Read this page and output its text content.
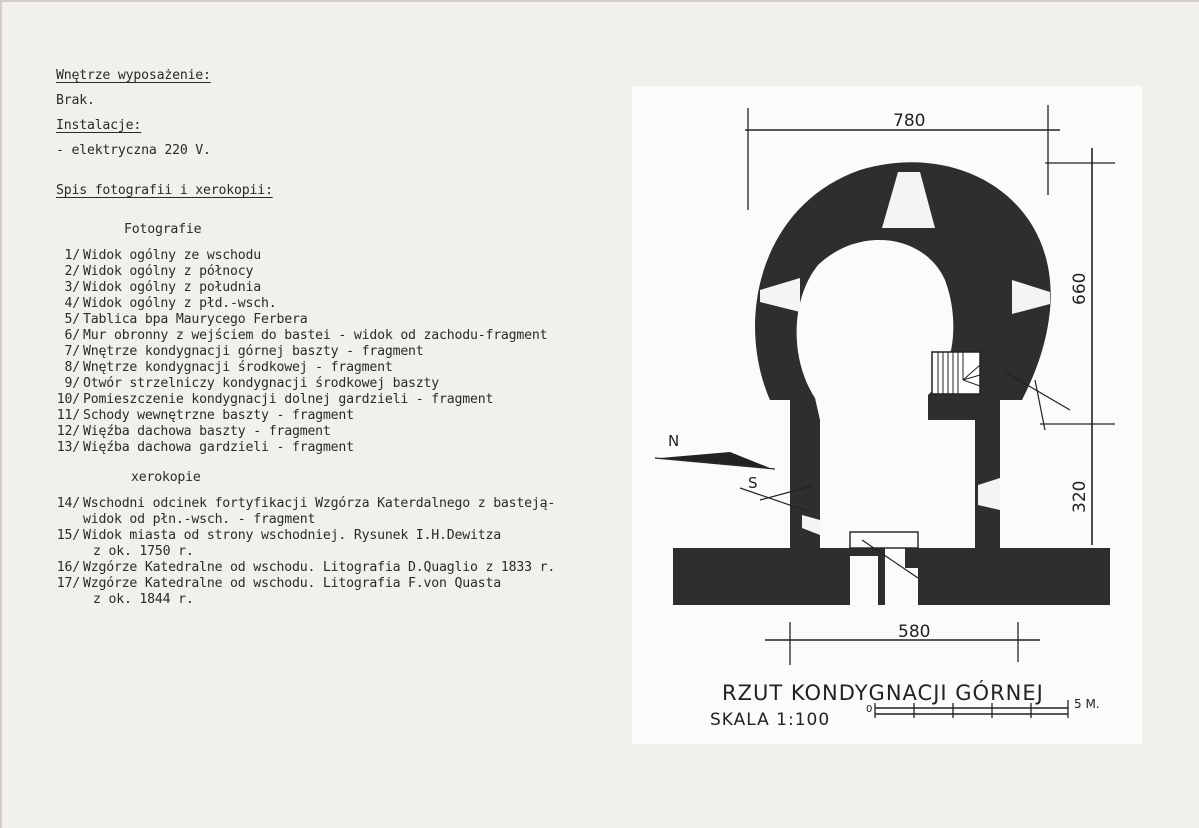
Wnętrze wyposażenie:
Brak.
Instalacje:
- elektryczna 220 V.
Spis fotografii i xerokopii:
Fotografie
1/ Widok ogólny ze wschodu
2/ Widok ogólny z północy
3/ Widok ogólny z południa
4/ Widok ogólny z płd.-wsch.
5/ Tablica bpa Maurycego Ferbera
6/ Mur obronny z wejściem do bastei - widok od zachodu-fragment
7/ Wnętrze kondygnacji górnej baszty - fragment
8/ Wnętrze kondygnacji środkowej - fragment
9/ Otwór strzelniczy kondygnacji środkowej baszty
10/ Pomieszczenie kondygnacji dolnej gardzieli - fragment
11/ Schody wewnętrzne baszty - fragment
12/ Więźba dachowa baszty - fragment
13/ Więźba dachowa gardzieli - fragment
xerokopie
14/ Wschodni odcinek fortyfikacji Wzgórza Katerdalnego z basteją-
widok od płn.-wsch. - fragment
15/ Widok miasta od strony wschodniej. Rysunek I.H.Dewitza
z ok. 1750 r.
16/ Wzgórze Katedralne od wschodu. Litografia D.Quaglio z 1833 r.
17/ Wzgórze Katedralne od wschodu. Litografia F.von Quasta
z ok. 1844 r.
780
660
320
580
N
S
RZUT KONDYGNACJI GÓRNEJ
SKALA 1:100
0	5 M.
